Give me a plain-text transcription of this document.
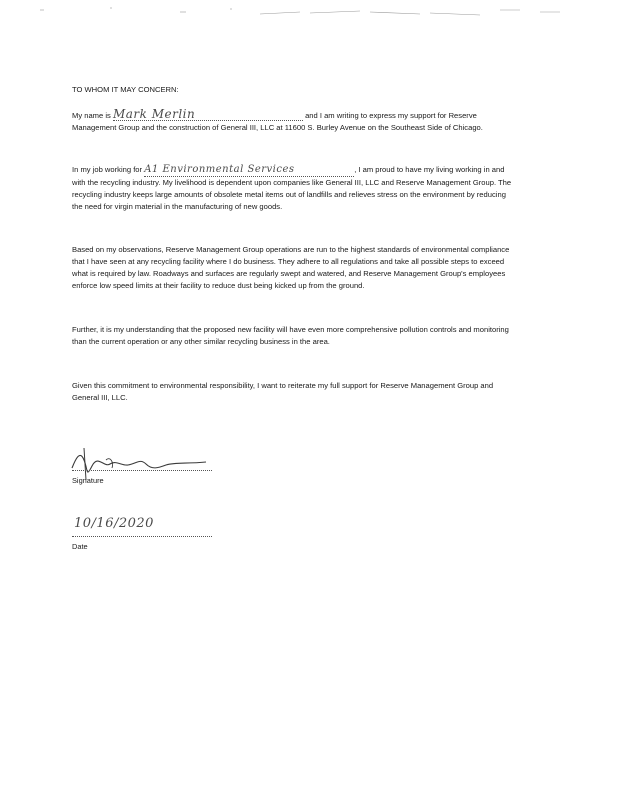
TO WHOM IT MAY CONCERN:

My name is Mark Merlin	and I am writing to express my support for Reserve Management Group and the construction of General III, LLC at 11600 S. Burley Avenue on the Southeast Side of Chicago.

In my job working for A1 Environmental Services	, I am proud to have my living working in and with the recycling industry. My livelihood is dependent upon companies like General III, LLC and Reserve Management Group. The recycling industry keeps large amounts of obsolete metal items out of landfills and relieves stress on the environment by reducing the need for virgin material in the manufacturing of new goods.

Based on my observations, Reserve Management Group operations are run to the highest standards of environmental compliance that I have seen at any recycling facility where I do business. They adhere to all regulations and take all possible steps to exceed what is required by law. Roadways and surfaces are regularly swept and watered, and Reserve Management Group's employees enforce low speed limits at their facility to reduce dust being kicked up from the ground.

Further, it is my understanding that the proposed new facility will have even more comprehensive pollution controls and monitoring than the current operation or any other similar recycling business in the area.

Given this commitment to environmental responsibility, I want to reiterate my full support for Reserve Management Group and General III, LLC.

Signature
10/16/2020
Date
